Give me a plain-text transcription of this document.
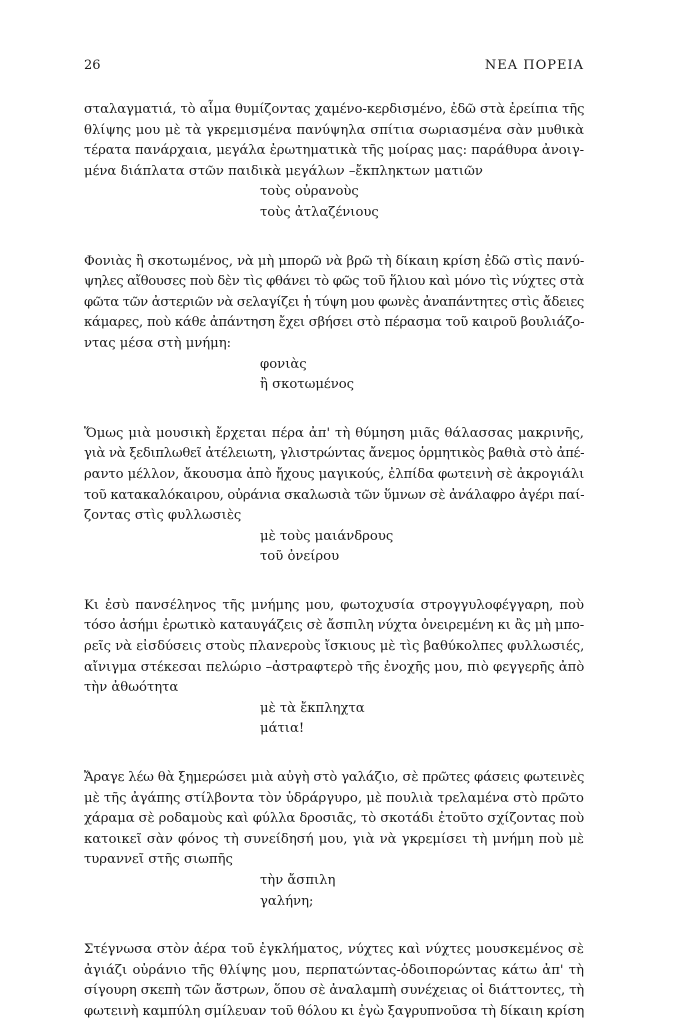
26	ΝΕΑ ΠΟΡΕΙΑ
σταλαγματιά, τὸ αἷμα θυμίζοντας χαμένο-κερδισμένο, ἐδῶ στὰ ἐρείπια τῆς
θλίψης μου μὲ τὰ γκρεμισμένα πανύψηλα σπίτια σωριασμένα σὰν μυθικὰ
τέρατα πανάρχαια, μεγάλα ἐρωτηματικὰ τῆς μοίρας μας: παράθυρα ἀνοιγ-
μένα διάπλατα στῶν παιδικὰ μεγάλων –ἔκπληκτων ματιῶν
τοὺς οὐρανοὺς
τοὺς ἀτλαζένιους
Φονιὰς ἢ σκοτωμένος, νὰ μὴ μπορῶ νὰ βρῶ τὴ δίκαιη κρίση ἐδῶ στὶς πανύ-
ψηλες αἴθουσες ποὺ δὲν τὶς φθάνει τὸ φῶς τοῦ ἥλιου καὶ μόνο τὶς νύχτες στὰ
φῶτα τῶν ἀστεριῶν νὰ σελαγίζει ἡ τύψη μου φωνὲς ἀναπάντητες στὶς ἄδειες
κάμαρες, ποὺ κάθε ἀπάντηση ἔχει σβήσει στὸ πέρασμα τοῦ καιροῦ βουλιάζο-
ντας μέσα στὴ μνήμη:
φονιὰς
ἢ σκοτωμένος
Ὅμως μιὰ μουσικὴ ἔρχεται πέρα ἀπ' τὴ θύμηση μιᾶς θάλασσας μακρινῆς,
γιὰ νὰ ξεδιπλωθεῖ ἀτέλειωτη, γλιστρώντας ἄνεμος ὁρμητικὸς βαθιὰ στὸ ἀπέ-
ραντο μέλλον, ἄκουσμα ἀπὸ ἤχους μαγικούς, ἐλπίδα φωτεινὴ σὲ ἀκρογιάλι
τοῦ κατακαλόκαιρου, οὐράνια σκαλωσιὰ τῶν ὕμνων σὲ ἀνάλαφρο ἀγέρι παί-
ζοντας στὶς φυλλωσιὲς
μὲ τοὺς μαιάνδρους
τοῦ ὀνείρου
Κι ἐσὺ πανσέληνος τῆς μνήμης μου, φωτοχυσία στρογγυλοφέγγαρη, ποὺ
τόσο ἀσήμι ἐρωτικὸ καταυγάζεις σὲ ἄσπιλη νύχτα ὀνειρεμένη κι ἂς μὴ μπο-
ρεῖς νὰ εἰσδύσεις στοὺς πλανεροὺς ἴσκιους μὲ τὶς βαθύκολπες φυλλωσιές,
αἴνιγμα στέκεσαι πελώριο –ἀστραφτερὸ τῆς ἐνοχῆς μου, πιὸ φεγγερῆς ἀπὸ
τὴν ἀθωότητα
μὲ τὰ ἔκπληχτα
μάτια!
Ἄραγε λέω θὰ ξημερώσει μιὰ αὐγὴ στὸ γαλάζιο, σὲ πρῶτες φάσεις φωτεινὲς
μὲ τῆς ἀγάπης στίλβοντα τὸν ὑδράργυρο, μὲ πουλιὰ τρελαμένα στὸ πρῶτο
χάραμα σὲ ροδαμοὺς καὶ φύλλα δροσιᾶς, τὸ σκοτάδι ἐτοῦτο σχίζοντας ποὺ
κατοικεῖ σὰν φόνος τὴ συνείδησή μου, γιὰ νὰ γκρεμίσει τὴ μνήμη ποὺ μὲ
τυραννεῖ στῆς σιωπῆς
τὴν ἄσπιλη
γαλήνη;
Στέγνωσα στὸν ἀέρα τοῦ ἐγκλήματος, νύχτες καὶ νύχτες μουσκεμένος σὲ
ἀγιάζι οὐράνιο τῆς θλίψης μου, περπατώντας-ὁδοιπορώντας κάτω ἀπ' τὴ
σίγουρη σκεπὴ τῶν ἄστρων, ὅπου σὲ ἀναλαμπὴ συνέχειας οἱ διάττοντες, τὴ
φωτεινὴ καμπύλη σμίλευαν τοῦ θόλου κι ἐγὼ ξαγρυπνοῦσα τὴ δίκαιη κρίση
